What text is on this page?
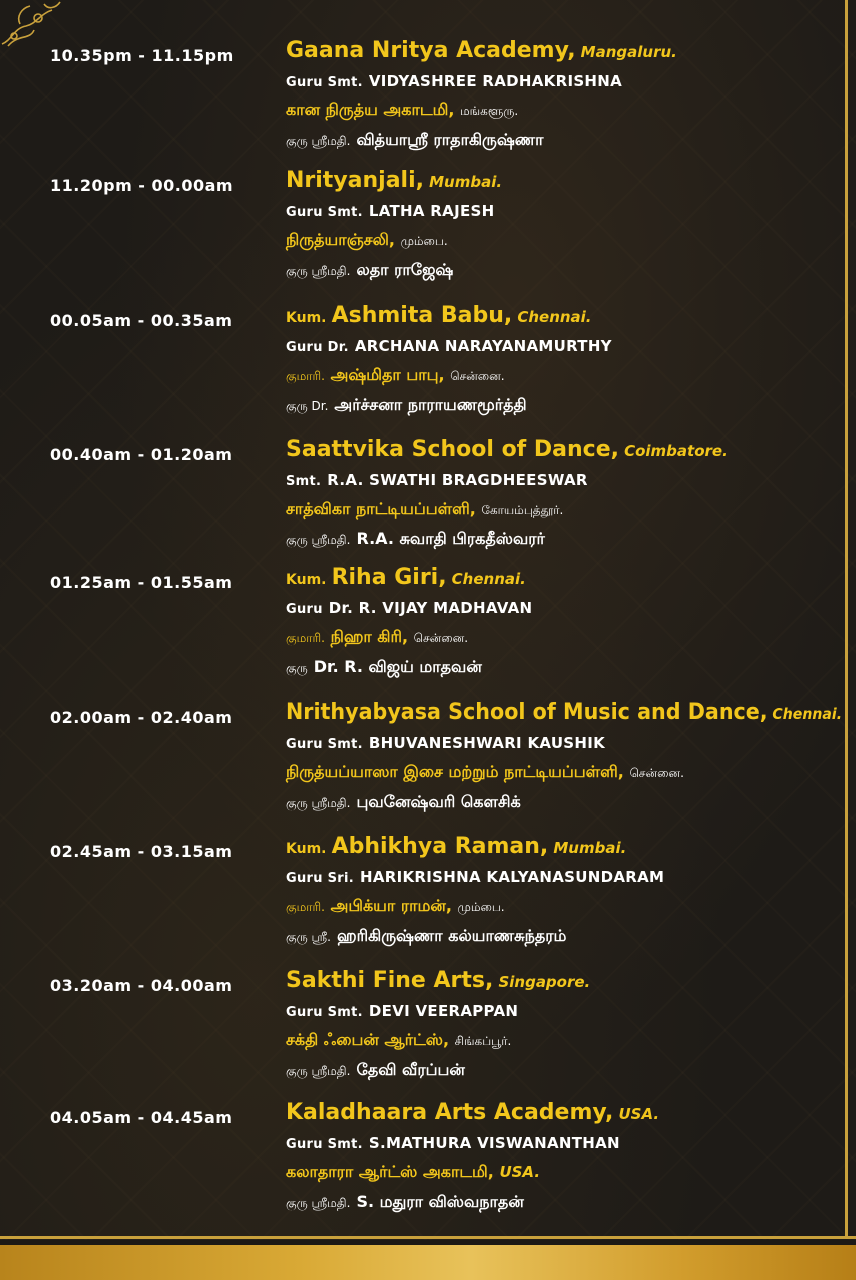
10.35pm - 11.15pm Gaana Nritya Academy, Mangaluru.
Guru Smt. VIDYASHREE RADHAKRISHNA
கான நிருத்ய அகாடமி, மங்களூரு.
குரு ஸ்ரீமதி. வித்யாஸ்ரீ ராதாகிருஷ்ணா
11.20pm - 00.00am Nrityanjali, Mumbai.
Guru Smt. LATHA RAJESH
நிருத்யாஞ்சலி, மும்பை.
குரு ஸ்ரீமதி. லதா ராஜேஷ்
00.05am - 00.35am	Kum. Ashmita Babu, Chennai.
Guru Dr. ARCHANA NARAYANAMURTHY
குமாரி. அஷ்மிதா பாபு, சென்னை.
குரு Dr. அர்ச்சனா நாராயணமூர்த்தி
00.40am - 01.20am Saattvika School of Dance, Coimbatore.
Smt. R.A. SWATHI BRAGDHEESWAR
சாத்விகா நாட்டியப்பள்ளி, கோயம்புத்தூர்.
குரு ஸ்ரீமதி. R.A. சுவாதி பிரகதீஸ்வரர்
01.25am - 01.55am	Kum. Riha Giri, Chennai.
Guru Dr. R. VIJAY MADHAVAN
குமாரி. நிஹா கிரி, சென்னை.
குரு Dr. R. விஜய் மாதவன்
02.00am - 02.40am Nrithyabyasa School of Music and Dance, Chennai.
Guru Smt. BHUVANESHWARI KAUSHIK
நிருத்யப்யாஸா இசை மற்றும் நாட்டியப்பள்ளி, சென்னை.
குரு ஸ்ரீமதி. புவனேஷ்வரி கௌசிக்
02.45am - 03.15am	Kum. Abhikhya Raman, Mumbai.
Guru Sri. HARIKRISHNA KALYANASUNDARAM
குமாரி. அபிக்யா ராமன், மும்பை.
குரு ஸ்ரீ. ஹரிகிருஷ்ணா கல்யாணசுந்தரம்
03.20am - 04.00am Sakthi Fine Arts, Singapore.
Guru Smt. DEVI VEERAPPAN
சக்தி ஃபைன் ஆர்ட்ஸ், சிங்கப்பூர்.
குரு ஸ்ரீமதி. தேவி வீரப்பன்
04.05am - 04.45am Kaladhaara Arts Academy, USA.
Guru Smt. S.MATHURA VISWANANTHAN
கலாதாரா ஆர்ட்ஸ் அகாடமி, USA.
குரு ஸ்ரீமதி. S. மதுரா விஸ்வநாதன்
